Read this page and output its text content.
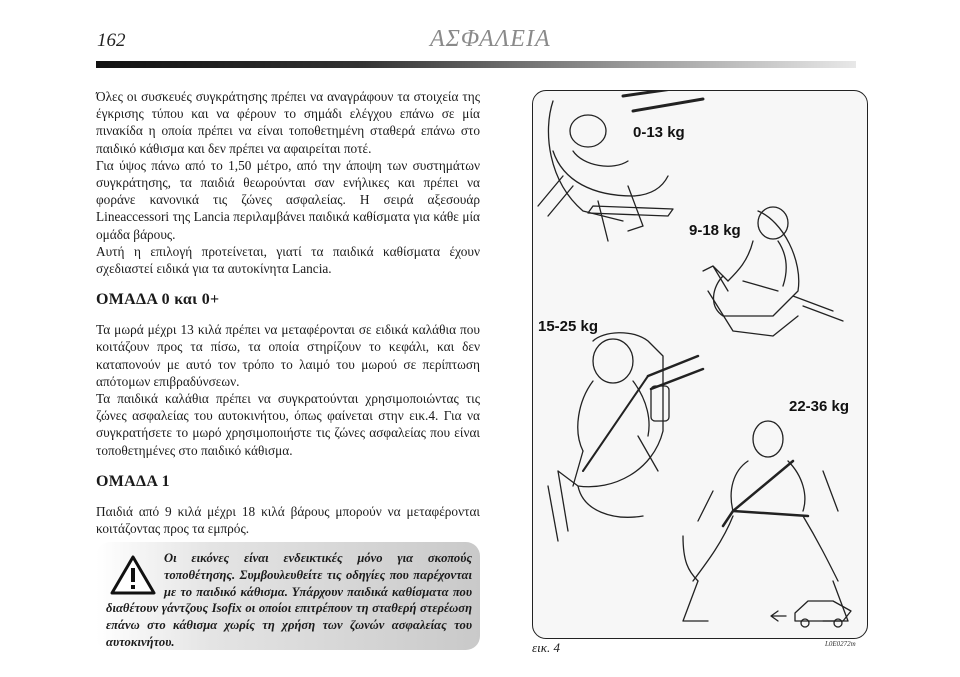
162	ΑΣΦΑΛΕΙΑ

Όλες οι συσκευές συγκράτησης πρέπει να αναγράφουν τα στοιχεία της έγκρισης τύπου και να φέρουν το σημάδι ελέγχου επάνω σε μία πινακίδα η οποία πρέπει να είναι τοποθετημένη σταθερά επάνω στο παιδικό κάθισμα και δεν πρέπει να αφαιρείται ποτέ.

Για ύψος πάνω από το 1,50 μέτρο, από την άποψη των συστημάτων συγκράτησης, τα παιδιά θεωρούνται σαν ενήλικες και πρέπει να φοράνε κανονικά τις ζώνες ασφαλείας. Η σειρά αξεσουάρ Lineaccessori της Lancia περιλαμβάνει παιδικά καθίσματα για κάθε μία ομάδα βάρους.

Αυτή η επιλογή προτείνεται, γιατί τα παιδικά καθίσματα έχουν σχεδιαστεί ειδικά για τα αυτοκίνητα Lancia.

ΟΜΑΔΑ 0 και 0+

Τα μωρά μέχρι 13 κιλά πρέπει να μεταφέρονται σε ειδικά καλάθια που κοιτάζουν προς τα πίσω, τα οποία στηρίζουν το κεφάλι, και δεν καταπονούν με αυτό τον τρόπο το λαιμό του μωρού σε περίπτωση απότομων επιβραδύνσεων.

Τα παιδικά καλάθια πρέπει να συγκρατούνται χρησιμοποιώντας τις ζώνες ασφαλείας του αυτοκινήτου, όπως φαίνεται στην εικ.4. Για να συγκρατήσετε το μωρό χρησιμοποιήστε τις ζώνες ασφαλείας που είναι τοποθετημένες στο παιδικό κάθισμα.

ΟΜΑΔΑ 1

Παιδιά από 9 κιλά μέχρι 18 κιλά βάρους μπορούν να μεταφέρονται κοιτάζοντας προς τα εμπρός.

Οι εικόνες είναι ενδεικτικές μόνο για σκοπούς τοποθέτησης. Συμβουλευθείτε τις οδηγίες που παρέχονται με το παιδικό κάθισμα. Υπάρχουν παιδικά καθίσματα που διαθέτουν γάντζους Isofix οι οποίοι επιτρέπουν τη σταθερή στερέωση επάνω στο κάθισμα χωρίς τη χρήση των ζωνών ασφαλείας του αυτοκινήτου.
0-13 kg
9-18 kg
15-25 kg
22-36 kg
εικ. 4	L0E0272m
